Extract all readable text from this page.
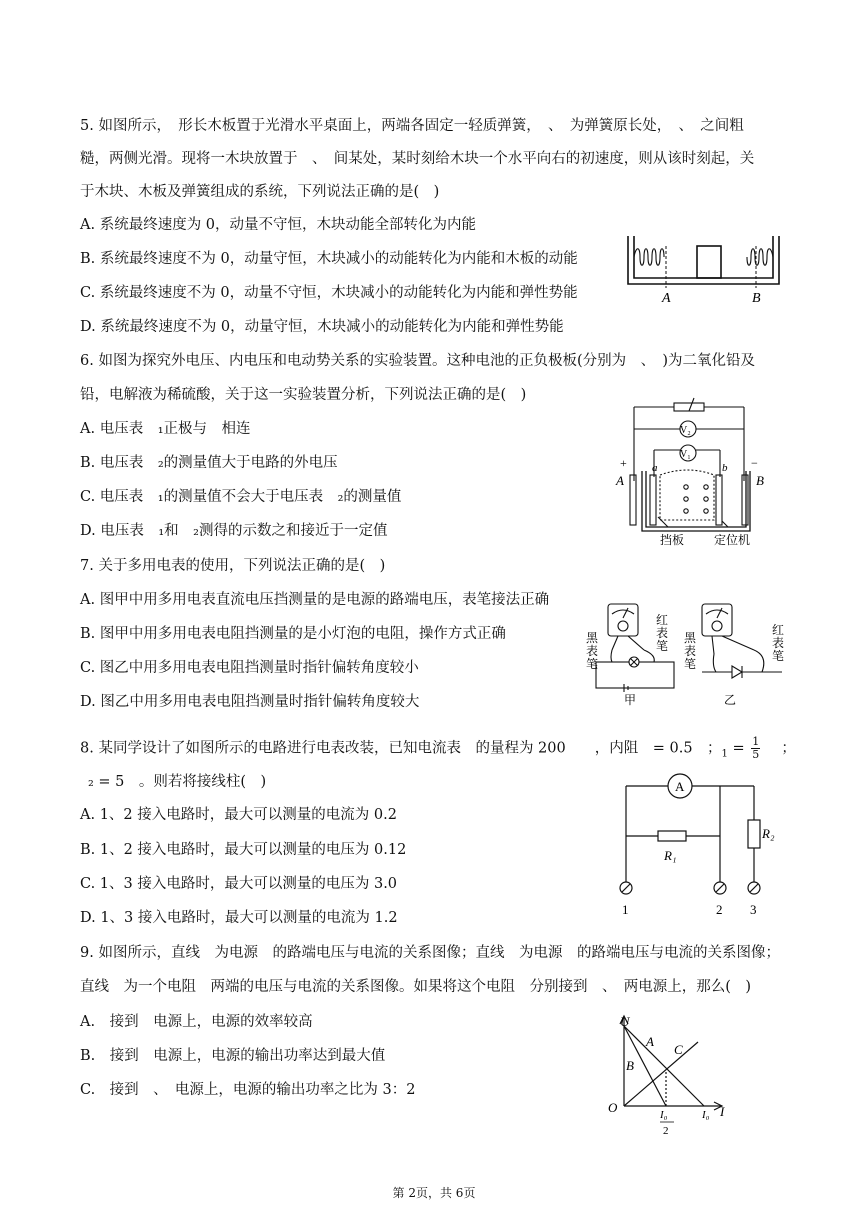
5. 如图所示，　形长木板置于光滑水平桌面上，两端各固定一轻质弹簧，　、　为弹簧原长处，　、　之间粗
糙，两侧光滑。现将一木块放置于　、　间某处，某时刻给木块一个水平向右的初速度，则从该时刻起，关
于木块、木板及弹簧组成的系统，下列说法正确的是(　)
A. 系统最终速度为 0，动量不守恒，木块动能全部转化为内能
B. 系统最终速度不为 0，动量守恒，木块减小的动能转化为内能和木板的动能
C. 系统最终速度不为 0，动量不守恒，木块减小的动能转化为内能和弹性势能
D. 系统最终速度不为 0，动量守恒，木块减小的动能转化为内能和弹性势能
A	B
6. 如图为探究外电压、内电压和电动势关系的实验装置。这种电池的正负极板(分别为　、　)为二氧化铅及
铅，电解液为稀硫酸，关于这一实验装置分析，下列说法正确的是(　)
A. 电压表　₁正极与　相连
B. 电压表　₂的测量值大于电路的外电压
C. 电压表　₁的测量值不会大于电压表　₂的测量值
D. 电压表　₁和　₂测得的示数之和接近于一定值
V₂
V₁
+	−
a	b
A	B
挡板 定位机
7. 关于多用电表的使用，下列说法正确的是(　)
A. 图甲中用多用电表直流电压挡测量的是电源的路端电压，表笔接法正确
B. 图甲中用多用电表电阻挡测量的是小灯泡的电阻，操作方式正确
C. 图乙中用多用电表电阻挡测量时指针偏转角度较小
D. 图乙中用多用电表电阻挡测量时指针偏转角度较大
黑表笔
红表笔
黑表笔
红表笔
甲	乙
8. 某同学设计了如图所示的电路进行电表改装，已知电流表　的量程为 200　　，内阻　= 0.5　；$_1 = \frac{1}{5}$ 　；
₂ = 5　。则若将接线柱(　)
A. 1、2 接入电路时，最大可以测量的电流为 0.2
B. 1、2 接入电路时，最大可以测量的电压为 0.12
C. 1、3 接入电路时，最大可以测量的电压为 3.0
D. 1、3 接入电路时，最大可以测量的电流为 1.2
A
R₁
R₂
1	2 3
9. 如图所示，直线　为电源　的路端电压与电流的关系图像；直线　为电源　的路端电压与电流的关系图像；
直线　为一个电阻　两端的电压与电流的关系图像。如果将这个电阻　分别接到　、　两电源上，那么(　)
A.　接到　电源上，电源的效率较高
B.　接到　电源上，电源的输出功率达到最大值
C.　接到　、　电源上，电源的输出功率之比为 3：2
U
A
B
C
O	I₀
2
I₀ I
第 2页，共 6页
